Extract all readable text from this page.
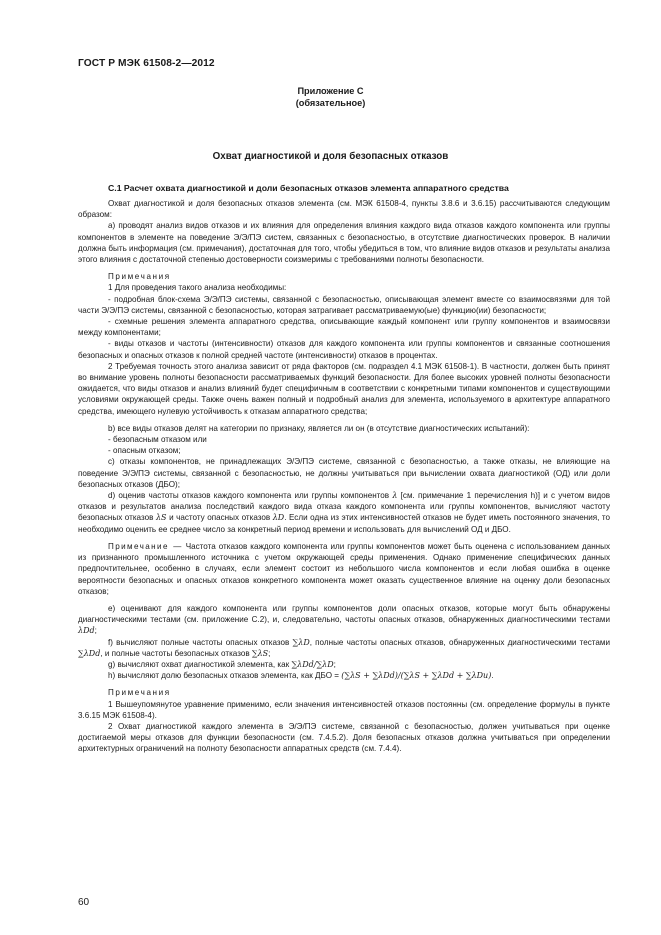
ГОСТ Р МЭК 61508-2—2012
Приложение С
(обязательное)
Охват диагностикой и доля безопасных отказов
С.1 Расчет охвата диагностикой и доли безопасных отказов элемента аппаратного средства

Охват диагностикой и доля безопасных отказов элемента (см. МЭК 61508-4, пункты 3.8.6 и 3.6.15) рассчитываются следующим образом:

а) проводят анализ видов отказов и их влияния для определения влияния каждого вида отказов каждого компонента или группы компонентов в элементе на поведение Э/Э/ПЭ систем, связанных с безопасностью, в отсутствие диагностических проверок. В наличии должна быть информация (см. примечания), достаточная для того, чтобы убедиться в том, что влияние видов отказов и результаты анализа этого влияния с достаточной степенью достоверности соизмеримы с требованиями полноты безопасности.

Примечания

1 Для проведения такого анализа необходимы:

- подробная блок-схема Э/Э/ПЭ системы, связанной с безопасностью, описывающая элемент вместе со взаимосвязями для той части Э/Э/ПЭ системы, связанной с безопасностью, которая затрагивает рассматриваемую(ые) функцию(ии) безопасности;

- схемные решения элемента аппаратного средства, описывающие каждый компонент или группу компонентов и взаимосвязи между компонентами;

- виды отказов и частоты (интенсивности) отказов для каждого компонента или группы компонентов и связанные соотношения безопасных и опасных отказов к полной средней частоте (интенсивности) отказов в процентах.

2 Требуемая точность этого анализа зависит от ряда факторов (см. подраздел 4.1 МЭК 61508-1). В частности, должен быть принят во внимание уровень полноты безопасности рассматриваемых функций безопасности. Для более высоких уровней полноты безопасности ожидается, что виды отказов и анализ влияний будет специфичным в соответствии с конкретными типами компонентов и существующими условиями окружающей среды. Также очень важен полный и подробный анализ для элемента, используемого в архитектуре аппаратного средства, имеющего нулевую устойчивость к отказам аппаратного средства;

b) все виды отказов делят на категории по признаку, является ли он (в отсутствие диагностических испытаний):

- безопасным отказом или

- опасным отказом;

с) отказы компонентов, не принадлежащих Э/Э/ПЭ системе, связанной с безопасностью, а также отказы, не влияющие на поведение Э/Э/ПЭ системы, связанной с безопасностью, не должны учитываться при вычислении охвата диагностикой (ОД) или доли безопасных отказов (ДБО);

d) оценив частоты отказов каждого компонента или группы компонентов λ [см. примечание 1 перечисления h)] и с учетом видов отказов и результатов анализа последствий каждого вида отказа каждого компонента или группы компонентов, вычисляют частоту безопасных отказов λS и частоту опасных отказов λD. Если одна из этих интенсивностей отказов не будет иметь постоянного значения, то необходимо оценить ее среднее число за конкретный период времени и использовать для вычислений ОД и ДБО.

Примечание — Частота отказов каждого компонента или группы компонентов может быть оценена с использованием данных из признанного промышленного источника с учетом окружающей среды применения. Однако применение специфических данных предпочтительнее, особенно в случаях, если элемент состоит из небольшого числа компонентов и если любая ошибка в оценке вероятности безопасных и опасных отказов конкретного компонента может оказать существенное влияние на оценку доли безопасных отказов;

е) оценивают для каждого компонента или группы компонентов доли опасных отказов, которые могут быть обнаружены диагностическими тестами (см. приложение С.2), и, следовательно, частоты опасных отказов, обнаруженных диагностическими тестами λDd;

f) вычисляют полные частоты опасных отказов ∑λD, полные частоты опасных отказов, обнаруженных диагностическими тестами ∑λDd, и полные частоты безопасных отказов ∑λS;

g) вычисляют охват диагностикой элемента, как ∑λDd/∑λD;

h) вычисляют долю безопасных отказов элемента, как ДБО = (∑λS + ∑λDd)/(∑λS + ∑λDd + ∑λDu).

Примечания

1 Вышеупомянутое уравнение применимо, если значения интенсивностей отказов постоянны (см. определение формулы в пункте 3.6.15 МЭК 61508-4).

2 Охват диагностикой каждого элемента в Э/Э/ПЭ системе, связанной с безопасностью, должен учитываться при оценке достигаемой меры отказов для функции безопасности (см. 7.4.5.2). Доля безопасных отказов должна учитываться при определении архитектурных ограничений на полноту безопасности аппаратных средств (см. 7.4.4).

60
